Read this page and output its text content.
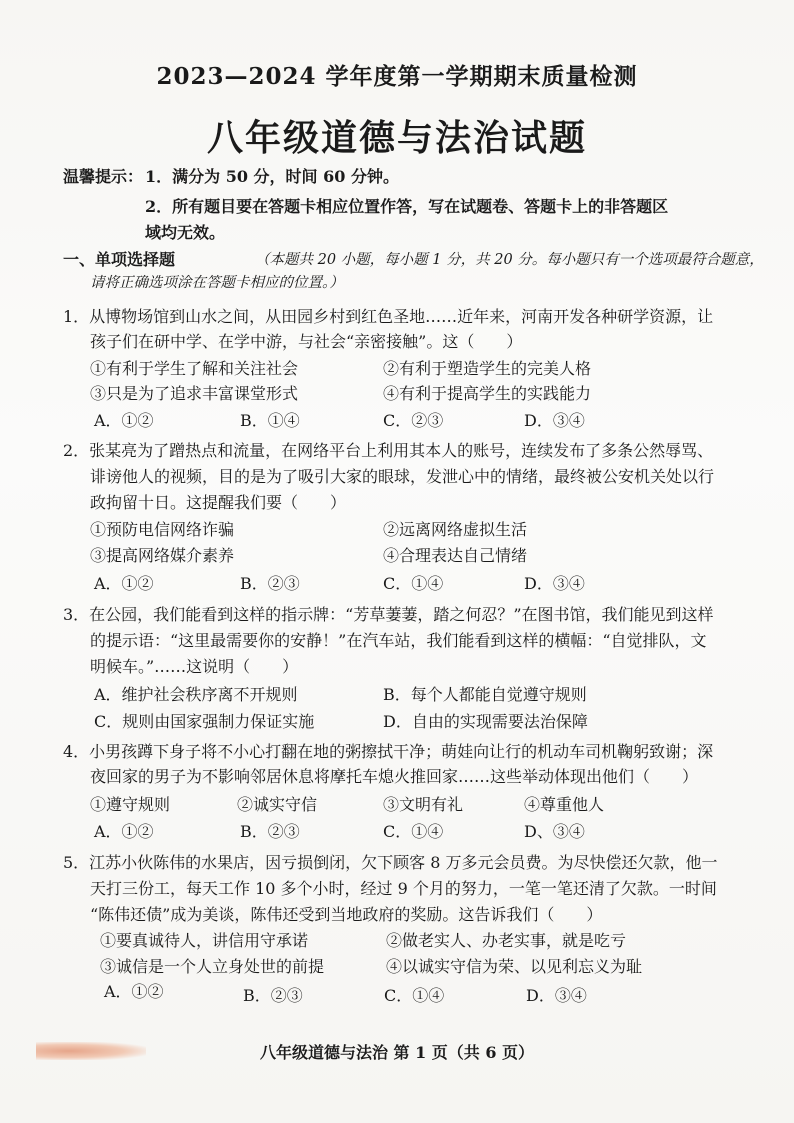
2023—2024 学年度第一学期期末质量检测
八年级道德与法治试题
温馨提示： 1．满分为 50 分，时间 60 分钟。
2．所有题目要在答题卡相应位置作答，写在试题卷、答题卡上的非答题区
域均无效。
一、单项选择题	（本题共 20 小题，每小题 1 分，共 20 分。每小题只有一个选项最符合题意，
请将正确选项涂在答题卡相应的位置。）
1．从博物场馆到山水之间，从田园乡村到红色圣地……近年来，河南开发各种研学资源，让
孩子们在研中学、在学中游，与社会“亲密接触”。这（　　）
①有利于学生了解和关注社会	②有利于塑造学生的完美人格
③只是为了追求丰富课堂形式	④有利于提高学生的实践能力
A．①②	B．①④	C．②③	D．③④
2．张某亮为了蹭热点和流量，在网络平台上利用其本人的账号，连续发布了多条公然辱骂、
诽谤他人的视频，目的是为了吸引大家的眼球，发泄心中的情绪，最终被公安机关处以行
政拘留十日。这提醒我们要（　　）
①预防电信网络诈骗	②远离网络虚拟生活
③提高网络媒介素养	④合理表达自己情绪
A．①②	B．②③	C．①④	D．③④
3．在公园，我们能看到这样的指示牌：“芳草萋萋，踏之何忍？”在图书馆，我们能见到这样
的提示语：“这里最需要你的安静！”在汽车站，我们能看到这样的横幅：“自觉排队，文
明候车。”……这说明（　　）
A．维护社会秩序离不开规则	B．每个人都能自觉遵守规则
C．规则由国家强制力保证实施	D．自由的实现需要法治保障
4．小男孩蹲下身子将不小心打翻在地的粥擦拭干净；萌娃向让行的机动车司机鞠躬致谢；深
夜回家的男子为不影响邻居休息将摩托车熄火推回家……这些举动体现出他们（　　）
①遵守规则	②诚实守信	③文明有礼	④尊重他人
A．①②	B．②③	C．①④	D、③④
5．江苏小伙陈伟的水果店，因亏损倒闭，欠下顾客 8 万多元会员费。为尽快偿还欠款，他一
天打三份工，每天工作 10 多个小时，经过 9 个月的努力，一笔一笔还清了欠款。一时间
“陈伟还债”成为美谈，陈伟还受到当地政府的奖励。这告诉我们（　　）
①要真诚待人，讲信用守承诺	②做老实人、办老实事，就是吃亏
③诚信是一个人立身处世的前提	④以诚实守信为荣、以见利忘义为耻
A．①②	B．②③	C．①④	D．③④
八年级道德与法治 第 1 页（共 6 页）
